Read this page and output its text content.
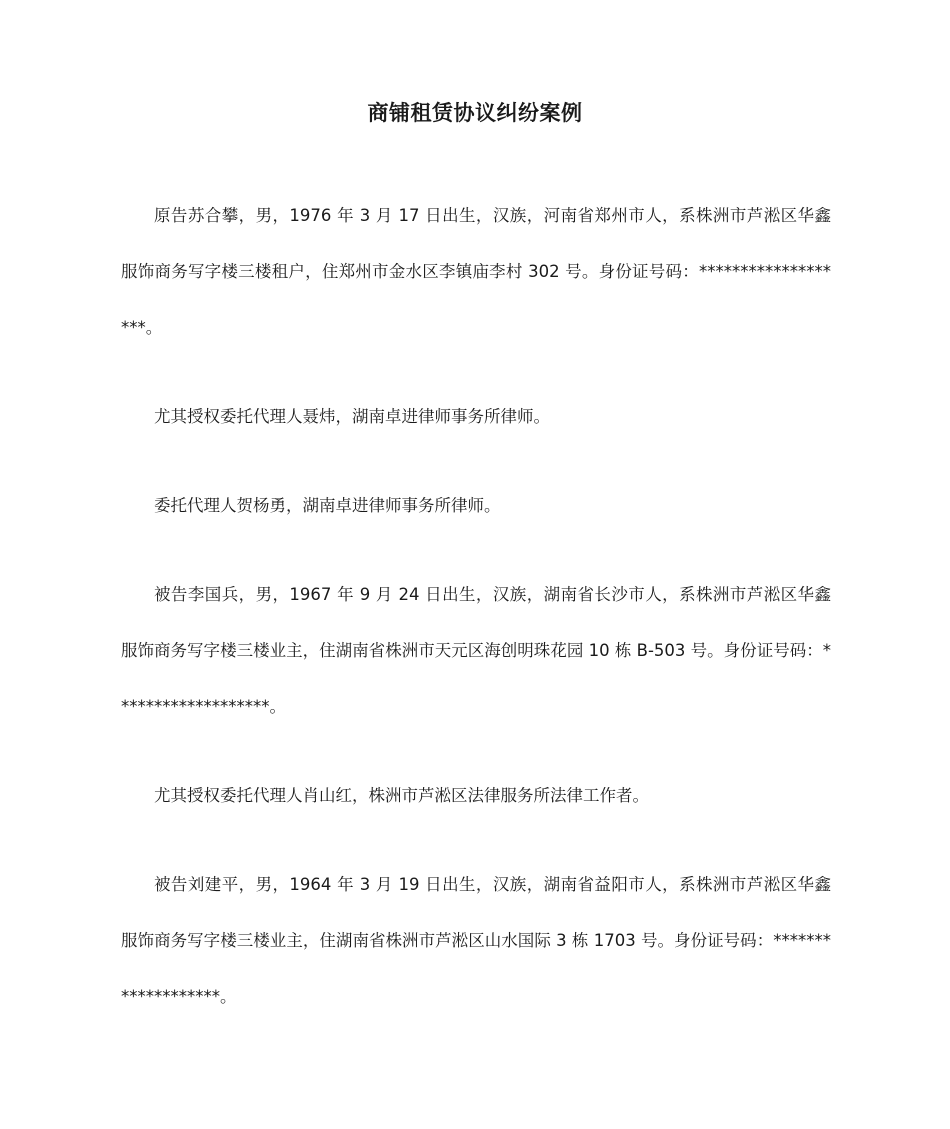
商铺租赁协议纠纷案例

原告苏合攀，男，1976 年 3 月 17 日出生，汉族，河南省郑州市人，系株洲市芦淞区华鑫服饰商务写字楼三楼租户，住郑州市金水区李镇庙李村 302 号。身份证号码：*******************。

尤其授权委托代理人聂炜，湖南卓进律师事务所律师。

委托代理人贺杨勇，湖南卓进律师事务所律师。

被告李国兵，男，1967 年 9 月 24 日出生，汉族，湖南省长沙市人，系株洲市芦淞区华鑫服饰商务写字楼三楼业主，住湖南省株洲市天元区海创明珠花园 10 栋 B-503 号。身份证号码：*******************。

尤其授权委托代理人肖山红，株洲市芦淞区法律服务所法律工作者。

被告刘建平，男，1964 年 3 月 19 日出生，汉族，湖南省益阳市人，系株洲市芦淞区华鑫服饰商务写字楼三楼业主，住湖南省株洲市芦淞区山水国际 3 栋 1703 号。身份证号码：*******************。
